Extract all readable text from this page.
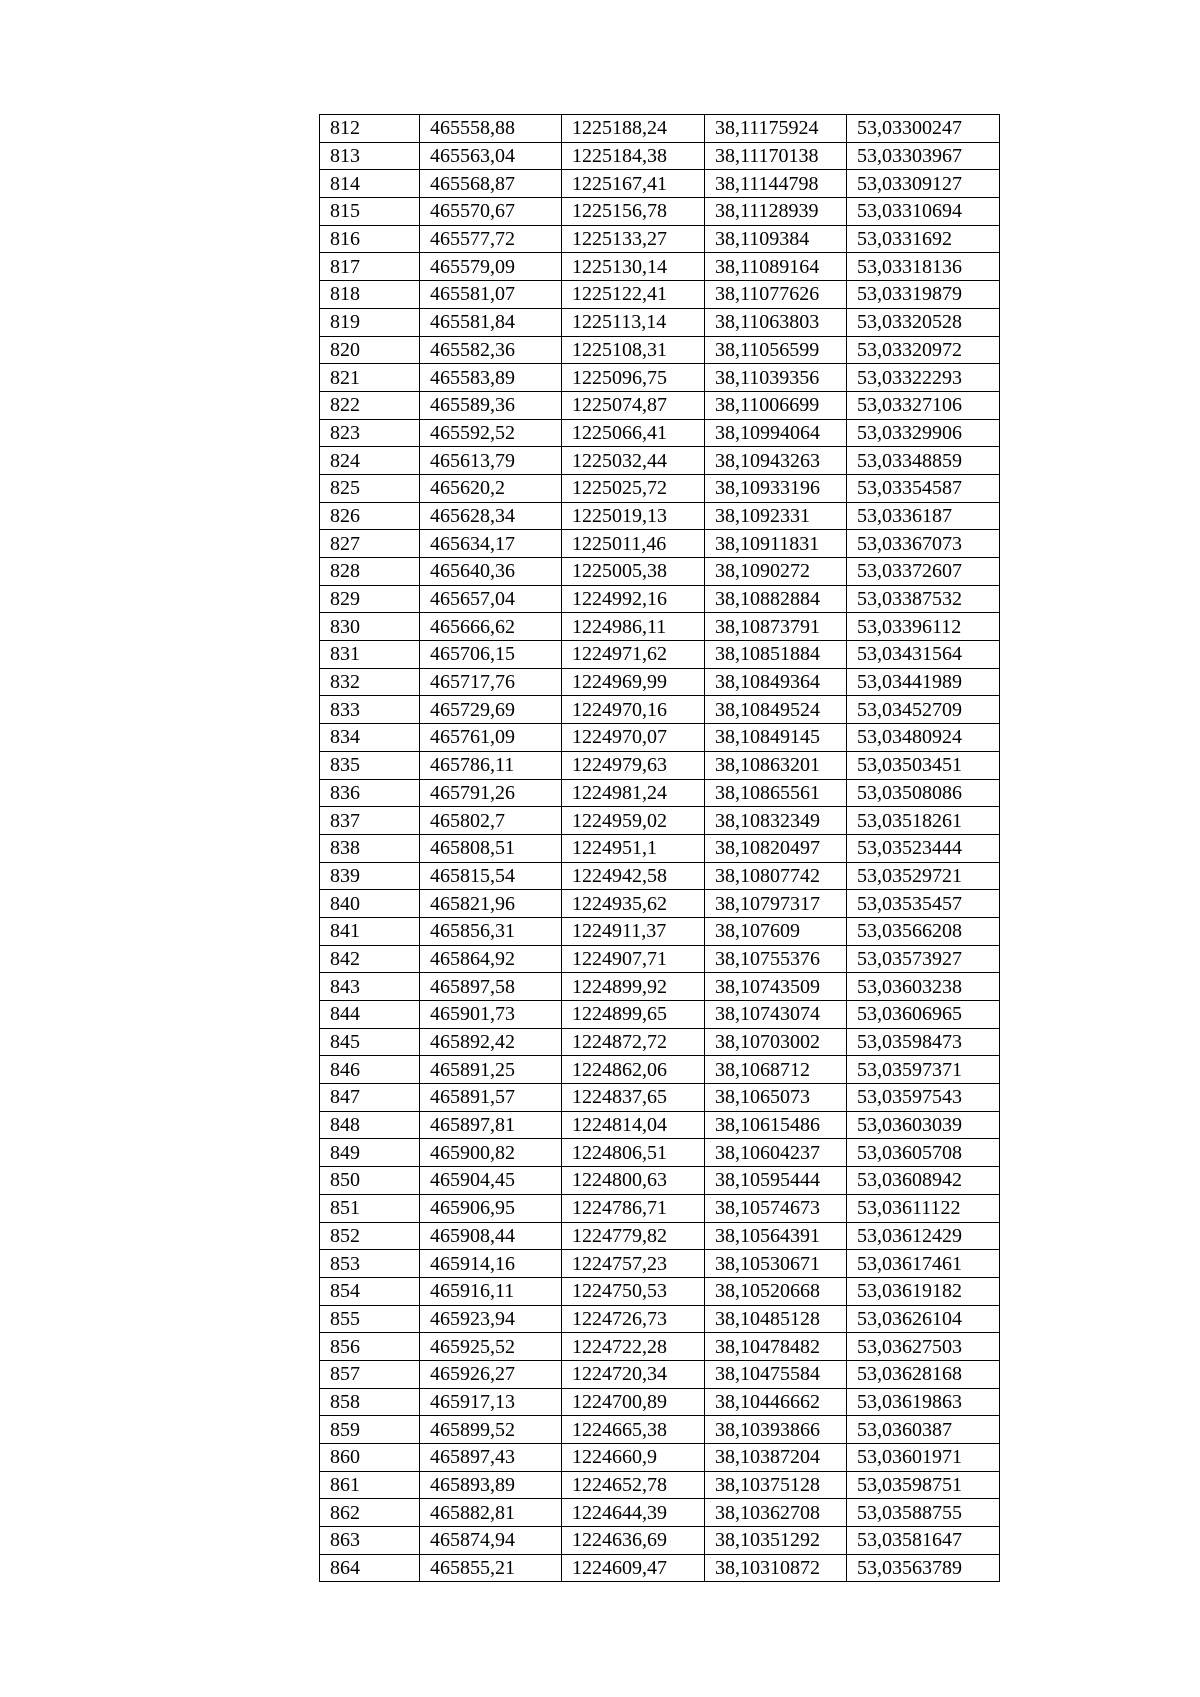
812	465558,88	1225188,24	38,11175924	53,03300247
813	465563,04	1225184,38	38,11170138	53,03303967
814	465568,87	1225167,41	38,11144798	53,03309127
815	465570,67	1225156,78	38,11128939	53,03310694
816	465577,72	1225133,27	38,1109384	53,0331692
817	465579,09	1225130,14	38,11089164	53,03318136
818	465581,07	1225122,41	38,11077626	53,03319879
819	465581,84	1225113,14	38,11063803	53,03320528
820	465582,36	1225108,31	38,11056599	53,03320972
821	465583,89	1225096,75	38,11039356	53,03322293
822	465589,36	1225074,87	38,11006699	53,03327106
823	465592,52	1225066,41	38,10994064	53,03329906
824	465613,79	1225032,44	38,10943263	53,03348859
825	465620,2	1225025,72	38,10933196	53,03354587
826	465628,34	1225019,13	38,1092331	53,0336187
827	465634,17	1225011,46	38,10911831	53,03367073
828	465640,36	1225005,38	38,1090272	53,03372607
829	465657,04	1224992,16	38,10882884	53,03387532
830	465666,62	1224986,11	38,10873791	53,03396112
831	465706,15	1224971,62	38,10851884	53,03431564
832	465717,76	1224969,99	38,10849364	53,03441989
833	465729,69	1224970,16	38,10849524	53,03452709
834	465761,09	1224970,07	38,10849145	53,03480924
835	465786,11	1224979,63	38,10863201	53,03503451
836	465791,26	1224981,24	38,10865561	53,03508086
837	465802,7	1224959,02	38,10832349	53,03518261
838	465808,51	1224951,1	38,10820497	53,03523444
839	465815,54	1224942,58	38,10807742	53,03529721
840	465821,96	1224935,62	38,10797317	53,03535457
841	465856,31	1224911,37	38,107609	53,03566208
842	465864,92	1224907,71	38,10755376	53,03573927
843	465897,58	1224899,92	38,10743509	53,03603238
844	465901,73	1224899,65	38,10743074	53,03606965
845	465892,42	1224872,72	38,10703002	53,03598473
846	465891,25	1224862,06	38,1068712	53,03597371
847	465891,57	1224837,65	38,1065073	53,03597543
848	465897,81	1224814,04	38,10615486	53,03603039
849	465900,82	1224806,51	38,10604237	53,03605708
850	465904,45	1224800,63	38,10595444	53,03608942
851	465906,95	1224786,71	38,10574673	53,03611122
852	465908,44	1224779,82	38,10564391	53,03612429
853	465914,16	1224757,23	38,10530671	53,03617461
854	465916,11	1224750,53	38,10520668	53,03619182
855	465923,94	1224726,73	38,10485128	53,03626104
856	465925,52	1224722,28	38,10478482	53,03627503
857	465926,27	1224720,34	38,10475584	53,03628168
858	465917,13	1224700,89	38,10446662	53,03619863
859	465899,52	1224665,38	38,10393866	53,0360387
860	465897,43	1224660,9	38,10387204	53,03601971
861	465893,89	1224652,78	38,10375128	53,03598751
862	465882,81	1224644,39	38,10362708	53,03588755
863	465874,94	1224636,69	38,10351292	53,03581647
864	465855,21	1224609,47	38,10310872	53,03563789
